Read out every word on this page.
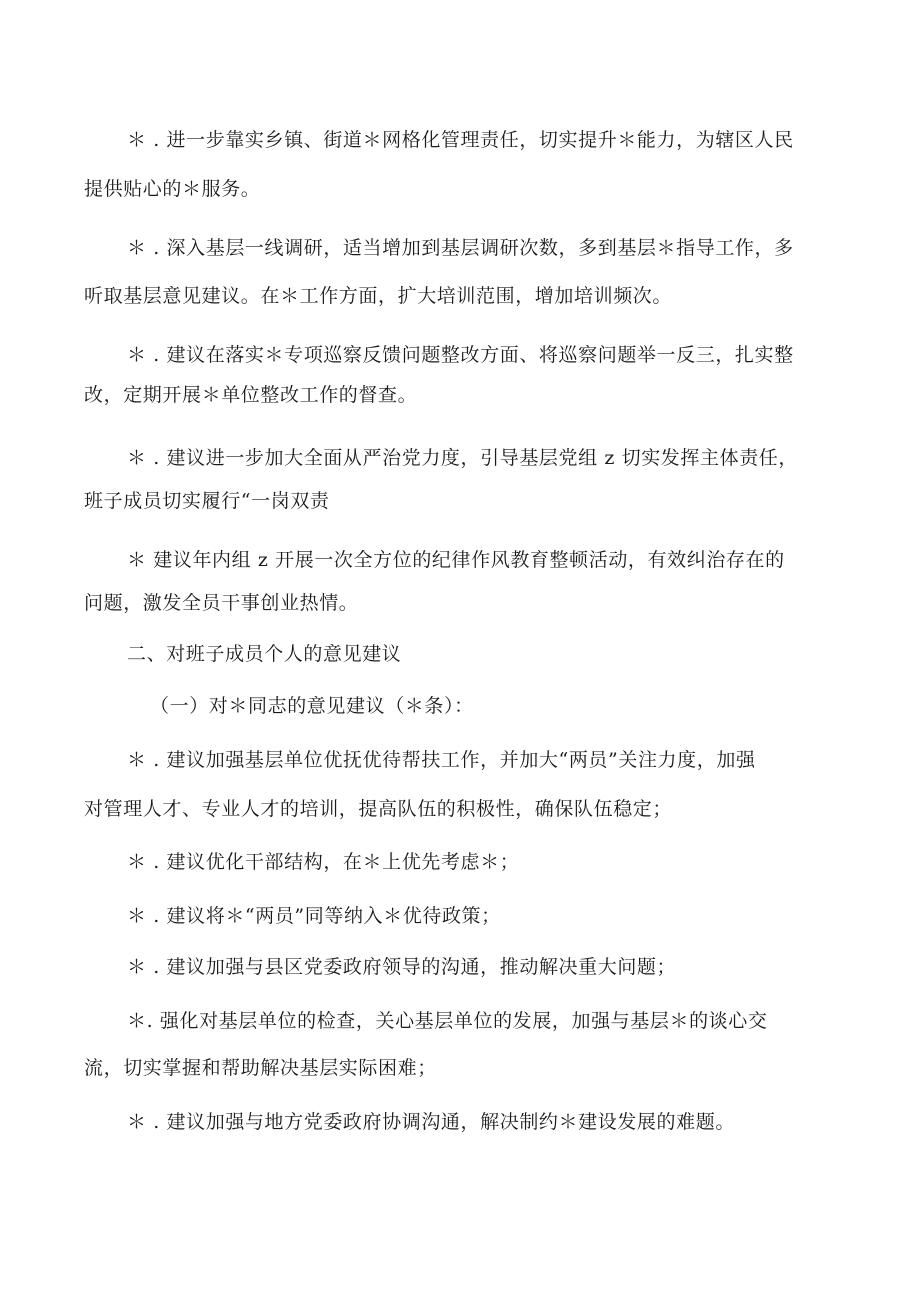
＊ . 进一步靠实乡镇、街道＊网格化管理责任，切实提升＊能力，为辖区人民
提供贴心的＊服务。
＊ . 深入基层一线调研，适当增加到基层调研次数，多到基层＊指导工作，多
听取基层意见建议。在＊工作方面，扩大培训范围，增加培训频次。
＊ . 建议在落实＊专项巡察反馈问题整改方面、将巡察问题举一反三，扎实整
改，定期开展＊单位整改工作的督查。
＊ . 建议进一步加大全面从严治党力度，引导基层党组 z 切实发挥主体责任，
班子成员切实履行“一岗双责
＊ 建议年内组 z 开展一次全方位的纪律作风教育整顿活动，有效纠治存在的
问题，激发全员干事创业热情。
二、对班子成员个人的意见建议
（一）对＊同志的意见建议（＊条）：
＊ . 建议加强基层单位优抚优待帮扶工作，并加大“两员”关注力度，加强
对管理人才、专业人才的培训，提高队伍的积极性，确保队伍稳定；
＊ . 建议优化干部结构，在＊上优先考虑＊；
＊ . 建议将＊“两员”同等纳入＊优待政策；
＊ . 建议加强与县区党委政府领导的沟通，推动解决重大问题；
＊. 强化对基层单位的检查，关心基层单位的发展，加强与基层＊的谈心交
流，切实掌握和帮助解决基层实际困难；
＊ . 建议加强与地方党委政府协调沟通，解决制约＊建设发展的难题。
